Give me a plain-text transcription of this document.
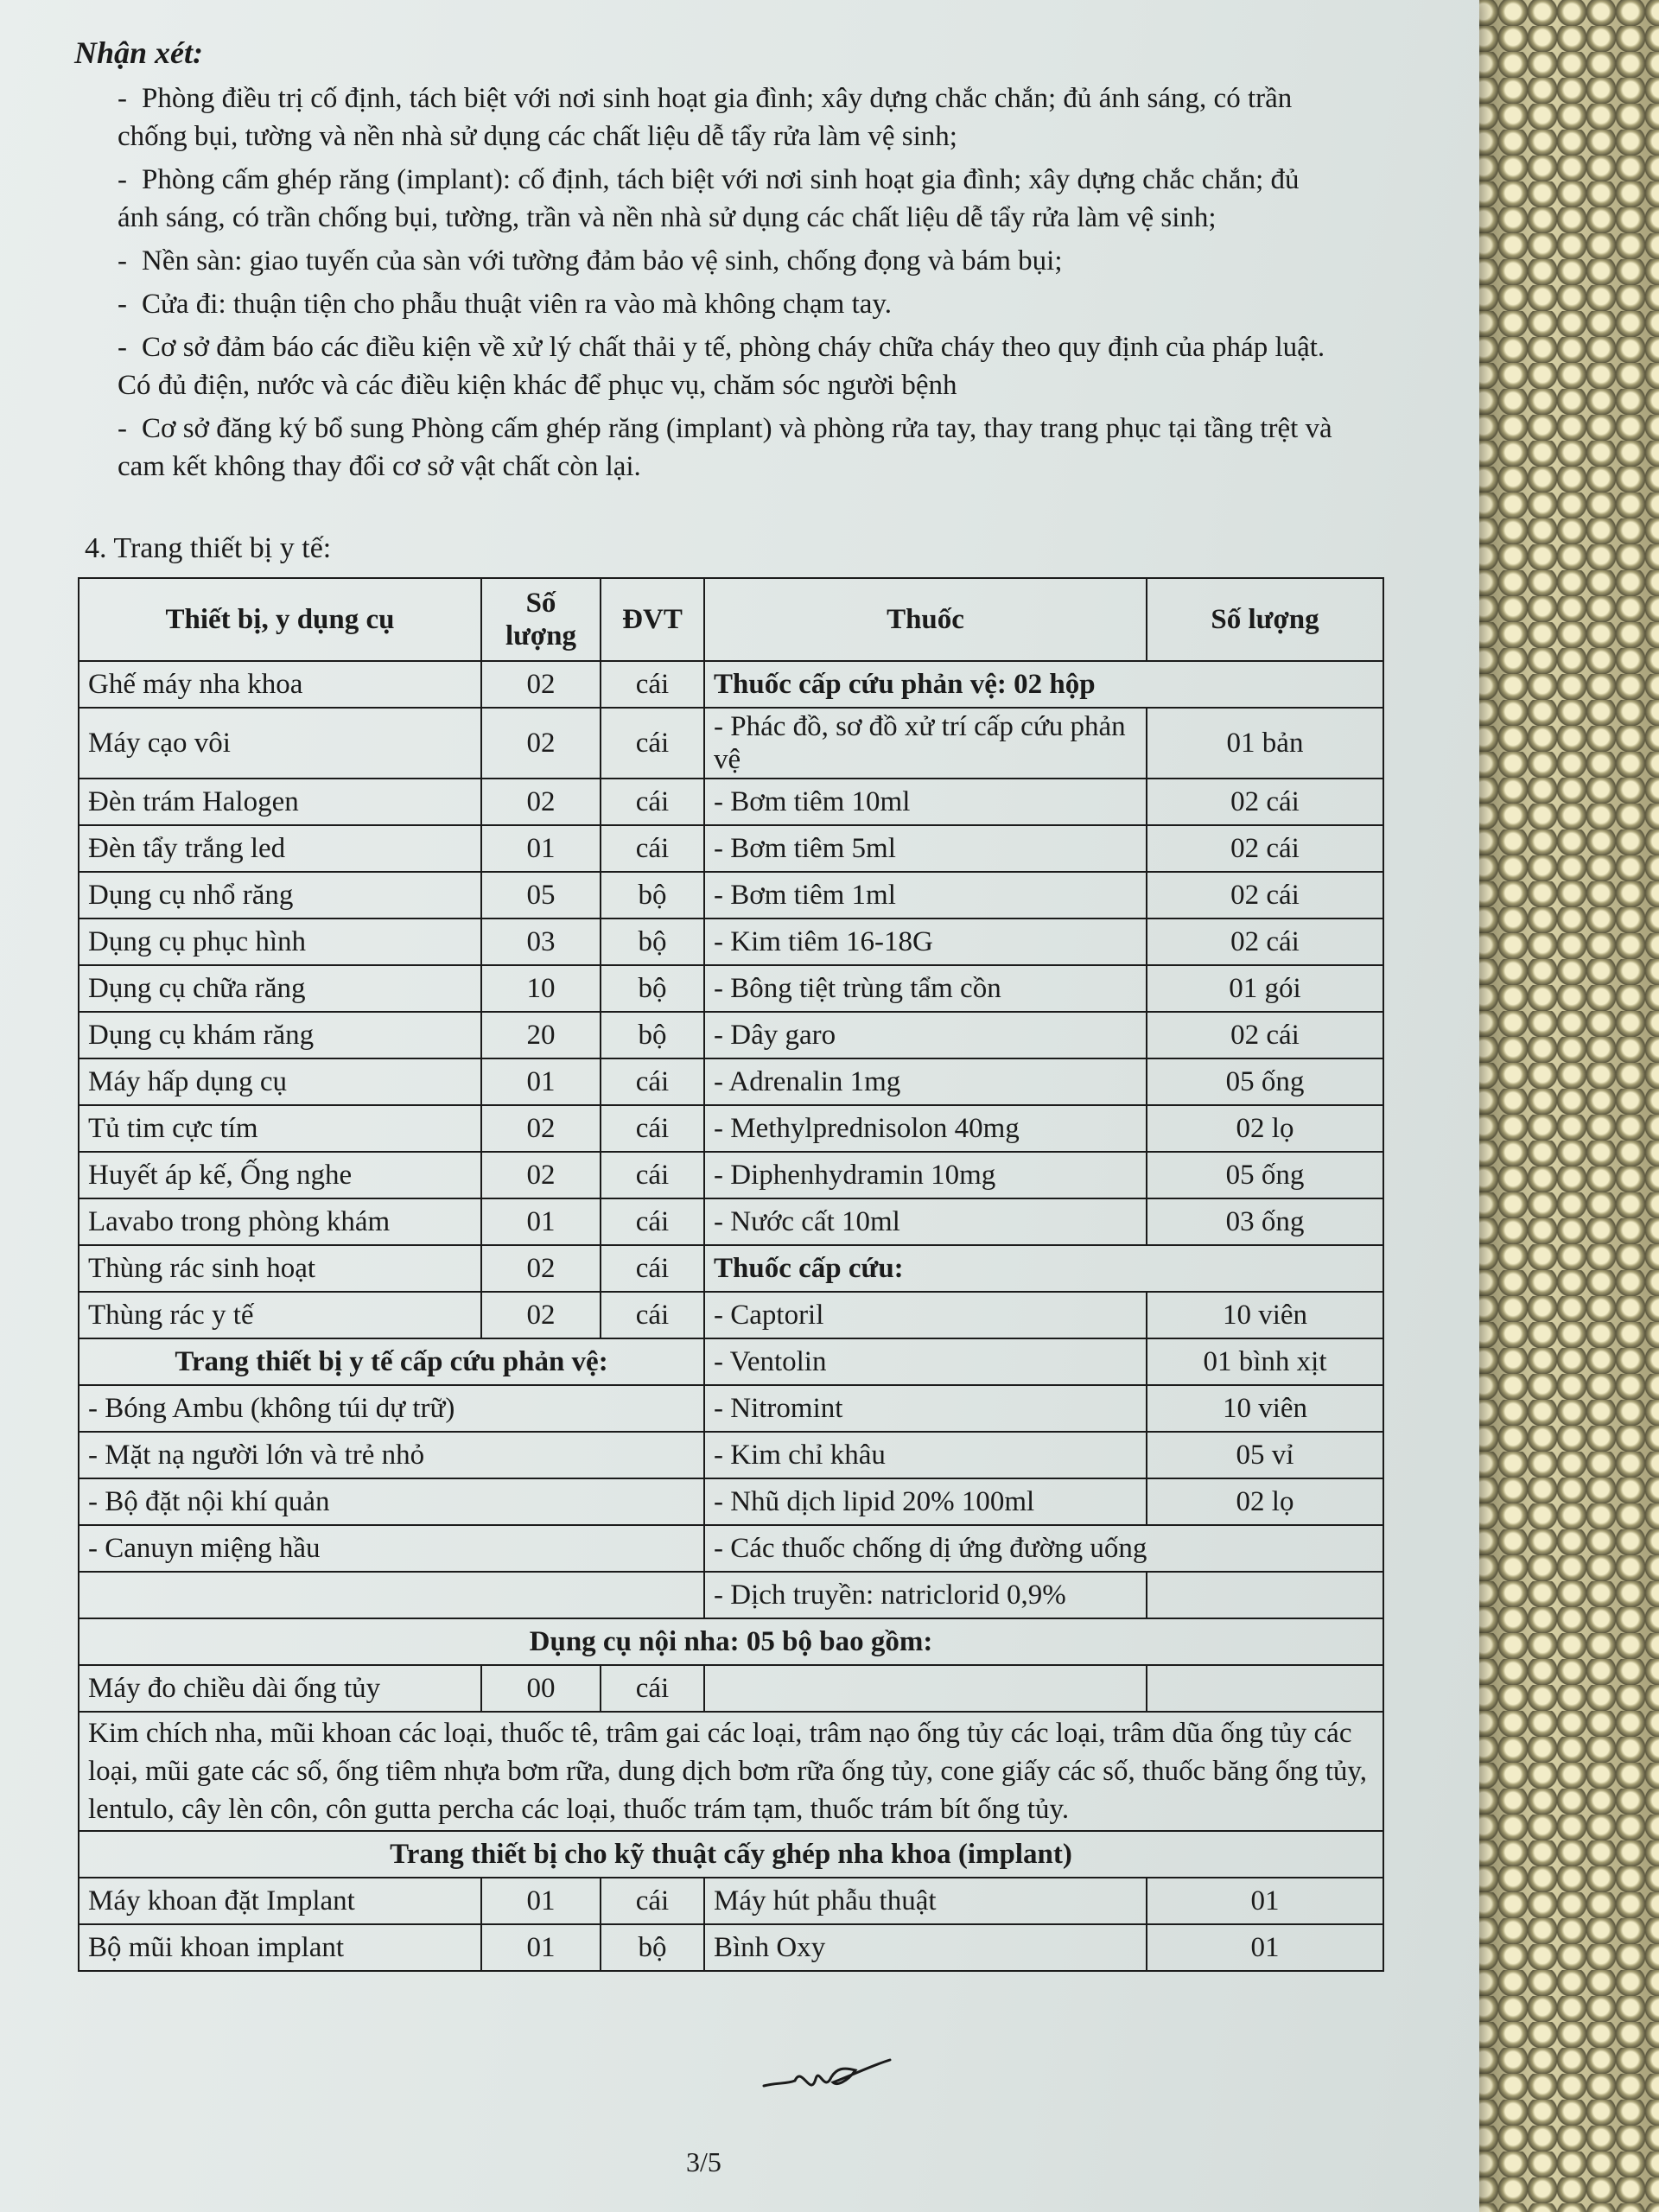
Nhận xét:

- Phòng điều trị cố định, tách biệt với nơi sinh hoạt gia đình; xây dựng chắc chắn; đủ ánh sáng, có trần chống bụi, tường và nền nhà sử dụng các chất liệu dễ tẩy rửa làm vệ sinh;

- Phòng cấm ghép răng (implant): cố định, tách biệt với nơi sinh hoạt gia đình; xây dựng chắc chắn; đủ ánh sáng, có trần chống bụi, tường, trần và nền nhà sử dụng các chất liệu dễ tẩy rửa làm vệ sinh;

- Nền sàn: giao tuyến của sàn với tường đảm bảo vệ sinh, chống đọng và bám bụi;

- Cửa đi: thuận tiện cho phẫu thuật viên ra vào mà không chạm tay.

- Cơ sở đảm báo các điều kiện về xử lý chất thải y tế, phòng cháy chữa cháy theo quy định của pháp luật. Có đủ điện, nước và các điều kiện khác để phục vụ, chăm sóc người bệnh

- Cơ sở đăng ký bổ sung Phòng cấm ghép răng (implant) và phòng rửa tay, thay trang phục tại tầng trệt và cam kết không thay đổi cơ sở vật chất còn lại.

4. Trang thiết bị y tế:
Thiết bị, y dụng cụ	Số lượng	ĐVT	Thuốc	Số lượng
Ghế máy nha khoa	02	cái	Thuốc cấp cứu phản vệ: 02 hộp	
Máy cạo vôi	02	cái	- Phác đồ, sơ đồ xử trí cấp cứu phản vệ	01 bản
Đèn trám Halogen	02	cái	- Bơm tiêm 10ml	02 cái
Đèn tẩy trắng led	01	cái	- Bơm tiêm 5ml	02 cái
Dụng cụ nhổ răng	05	bộ	- Bơm tiêm 1ml	02 cái
Dụng cụ phục hình	03	bộ	- Kim tiêm 16-18G	02 cái
Dụng cụ chữa răng	10	bộ	- Bông tiệt trùng tẩm cồn	01 gói
Dụng cụ khám răng	20	bộ	- Dây garo	02 cái
Máy hấp dụng cụ	01	cái	- Adrenalin 1mg	05 ống
Tủ tim cực tím	02	cái	- Methylprednisolon 40mg	02 lọ
Huyết áp kế, Ống nghe	02	cái	- Diphenhydramin 10mg	05 ống
Lavabo trong phòng khám	01	cái	- Nước cất 10ml	03 ống
Thùng rác sinh hoạt	02	cái	Thuốc cấp cứu:	
Thùng rác y tế	02	cái	- Captoril	10 viên
Trang thiết bị y tế cấp cứu phản vệ:			- Ventolin	01 bình xịt
- Bóng Ambu (không túi dự trữ)			- Nitromint	10 viên
- Mặt nạ người lớn và trẻ nhỏ			- Kim chỉ khâu	05 vỉ
- Bộ đặt nội khí quản			- Nhũ dịch lipid 20% 100ml	02 lọ
- Canuyn miệng hầu			- Các thuốc chống dị ứng đường uống	
			- Dịch truyền: natriclorid 0,9%	
Dụng cụ nội nha: 05 bộ bao gồm:				
Máy đo chiều dài ống tủy	00	cái		
Kim chích nha, mũi khoan các loại, thuốc tê, trâm gai các loại, trâm nạo ống tủy các loại, trâm dũa ống tủy các loại, mũi gate các số, ống tiêm nhựa bơm rữa, dung dịch bơm rữa ống tủy, cone giấy các số, thuốc băng ống tủy, lentulo, cây lèn côn, côn gutta percha các loại, thuốc trám tạm, thuốc trám bít ống tủy.				
Trang thiết bị cho kỹ thuật cấy ghép nha khoa (implant)				
Máy khoan đặt Implant	01	cái	Máy hút phẫu thuật	01
Bộ mũi khoan implant	01	bộ	Bình Oxy	01
3/5
